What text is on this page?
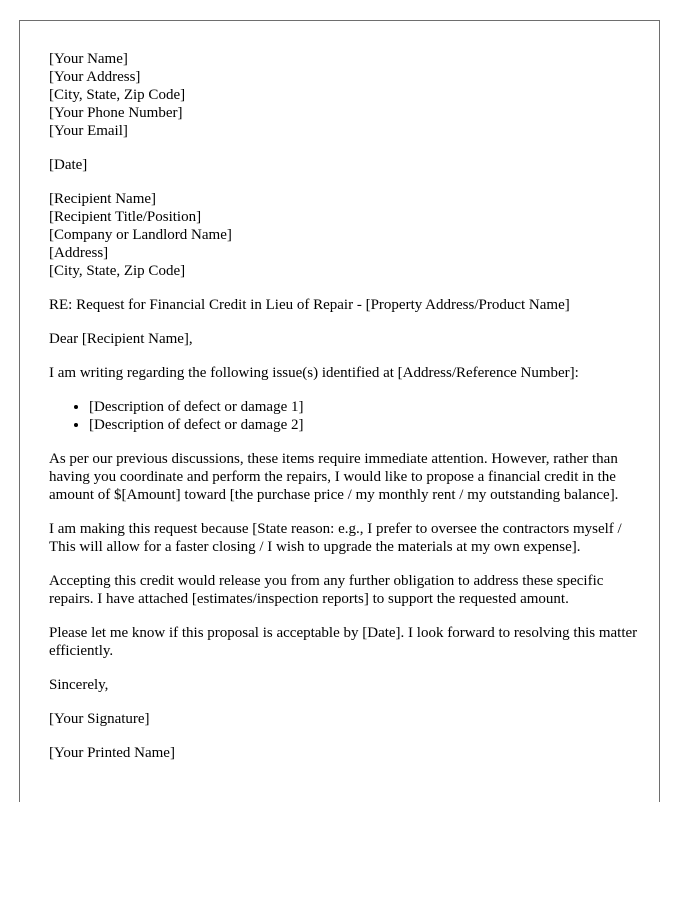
[Your Name]
[Your Address]
[City, State, Zip Code]
[Your Phone Number]
[Your Email]
[Date]
[Recipient Name]
[Recipient Title/Position]
[Company or Landlord Name]
[Address]
[City, State, Zip Code]

RE: Request for Financial Credit in Lieu of Repair - [Property Address/Product Name]

Dear [Recipient Name],

I am writing regarding the following issue(s) identified at [Address/Reference Number]:

• [Description of defect or damage 1]
• [Description of defect or damage 2]

As per our previous discussions, these items require immediate attention. However, rather than having you coordinate and perform the repairs, I would like to propose a financial credit in the amount of $[Amount] toward [the purchase price / my monthly rent / my outstanding balance].

I am making this request because [State reason: e.g., I prefer to oversee the contractors myself / This will allow for a faster closing / I wish to upgrade the materials at my own expense].

Accepting this credit would release you from any further obligation to address these specific repairs. I have attached [estimates/inspection reports] to support the requested amount.

Please let me know if this proposal is acceptable by [Date]. I look forward to resolving this matter efficiently.

Sincerely,

[Your Signature]

[Your Printed Name]
